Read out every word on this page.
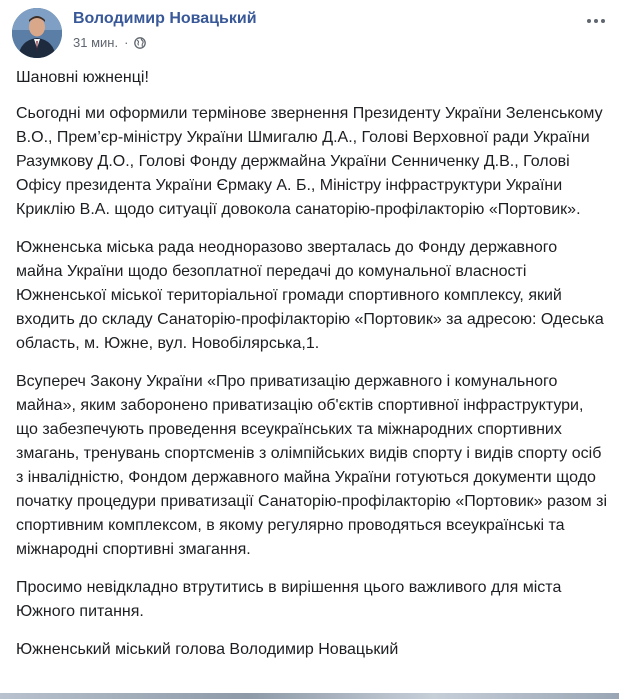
Володимир Новацький
31 мин. ·

Шановні южненці!

Сьогодні ми оформили термінове звернення Президенту України Зеленському В.О., Прем’єр-міністру України Шмигалю Д.А., Голові Верховної ради України Разумкову Д.О., Голові Фонду держмайна України Сенниченку Д.В., Голові Офісу президента України Єрмаку А. Б., Міністру інфраструктури України Криклію В.А. щодо ситуації довокола санаторію-профілакторію «Портовик».

Южненська міська рада неодноразово зверталась до Фонду державного майна України щодо безоплатної передачі до комунальної власності Южненської міської територіальної громади спортивного комплексу, який входить до складу Санаторію-профілакторію «Портовик» за адресою: Одеська область, м. Южне, вул. Новобілярська,1.

Всупереч Закону України «Про приватизацію державного і комунального майна», яким заборонено приватизацію об'єктів спортивної інфраструктури, що забезпечують проведення всеукраїнських та міжнародних спортивних змагань, тренувань спортсменів з олімпійських видів спорту і видів спорту осіб з інвалідністю, Фондом державного майна України готуються документи щодо початку процедури приватизації Санаторію-профілакторію «Портовик» разом зі спортивним комплексом, в якому регулярно проводяться всеукраїнські та міжнародні спортивні змагання.

Просимо невідкладно втрутитись в вирішення цього важливого для міста Южного питання.

Южненський міський голова Володимир Новацький
